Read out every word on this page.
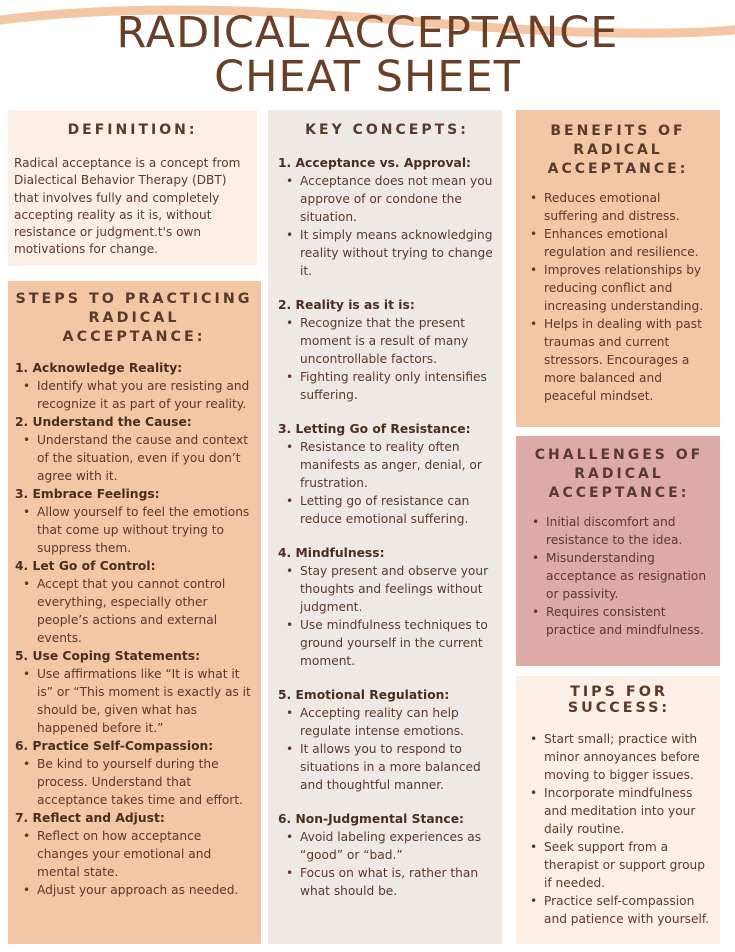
RADICAL ACCEPTANCE
CHEAT SHEET
DEFINITION:

Radical acceptance is a concept from Dialectical Behavior Therapy (DBT) that involves fully and completely accepting reality as it is, without resistance or judgment.t's own motivations for change.

STEPS TO PRACTICING
RADICAL ACCEPTANCE:
1. Acknowledge Reality:
• Identify what you are resisting and recognize it as part of your reality.
2. Understand the Cause:
• Understand the cause and context of the situation, even if you don’t agree with it.
3. Embrace Feelings:
• Allow yourself to feel the emotions that come up without trying to suppress them.
4. Let Go of Control:
• Accept that you cannot control everything, especially other people’s actions and external events.
5. Use Coping Statements:
• Use affirmations like “It is what it is” or “This moment is exactly as it should be, given what has happened before it.”
6. Practice Self-Compassion:
• Be kind to yourself during the process. Understand that acceptance takes time and effort.
7. Reflect and Adjust:
• Reflect on how acceptance changes your emotional and mental state.
• Adjust your approach as needed.
KEY CONCEPTS:
1. Acceptance vs. Approval:
• Acceptance does not mean you approve of or condone the situation.
• It simply means acknowledging reality without trying to change it.
2. Reality is as it is:
• Recognize that the present moment is a result of many uncontrollable factors.
• Fighting reality only intensifies suffering.
3. Letting Go of Resistance:
• Resistance to reality often manifests as anger, denial, or frustration.
• Letting go of resistance can reduce emotional suffering.
4. Mindfulness:
• Stay present and observe your thoughts and feelings without judgment.
• Use mindfulness techniques to ground yourself in the current moment.
5. Emotional Regulation:
• Accepting reality can help regulate intense emotions.
• It allows you to respond to situations in a more balanced and thoughtful manner.
6. Non-Judgmental Stance:
• Avoid labeling experiences as “good” or “bad.”
• Focus on what is, rather than what should be.
BENEFITS OF
RADICAL
ACCEPTANCE:
• Reduces emotional suffering and distress.
• Enhances emotional regulation and resilience.
• Improves relationships by reducing conflict and increasing understanding.
• Helps in dealing with past traumas and current stressors. Encourages a more balanced and peaceful mindset.
CHALLENGES OF
RADICAL
ACCEPTANCE:
• Initial discomfort and resistance to the idea.
• Misunderstanding acceptance as resignation or passivity.
• Requires consistent practice and mindfulness.
TIPS FOR SUCCESS:
• Start small; practice with minor annoyances before moving to bigger issues.
• Incorporate mindfulness and meditation into your daily routine.
• Seek support from a therapist or support group if needed.
• Practice self-compassion and patience with yourself.
